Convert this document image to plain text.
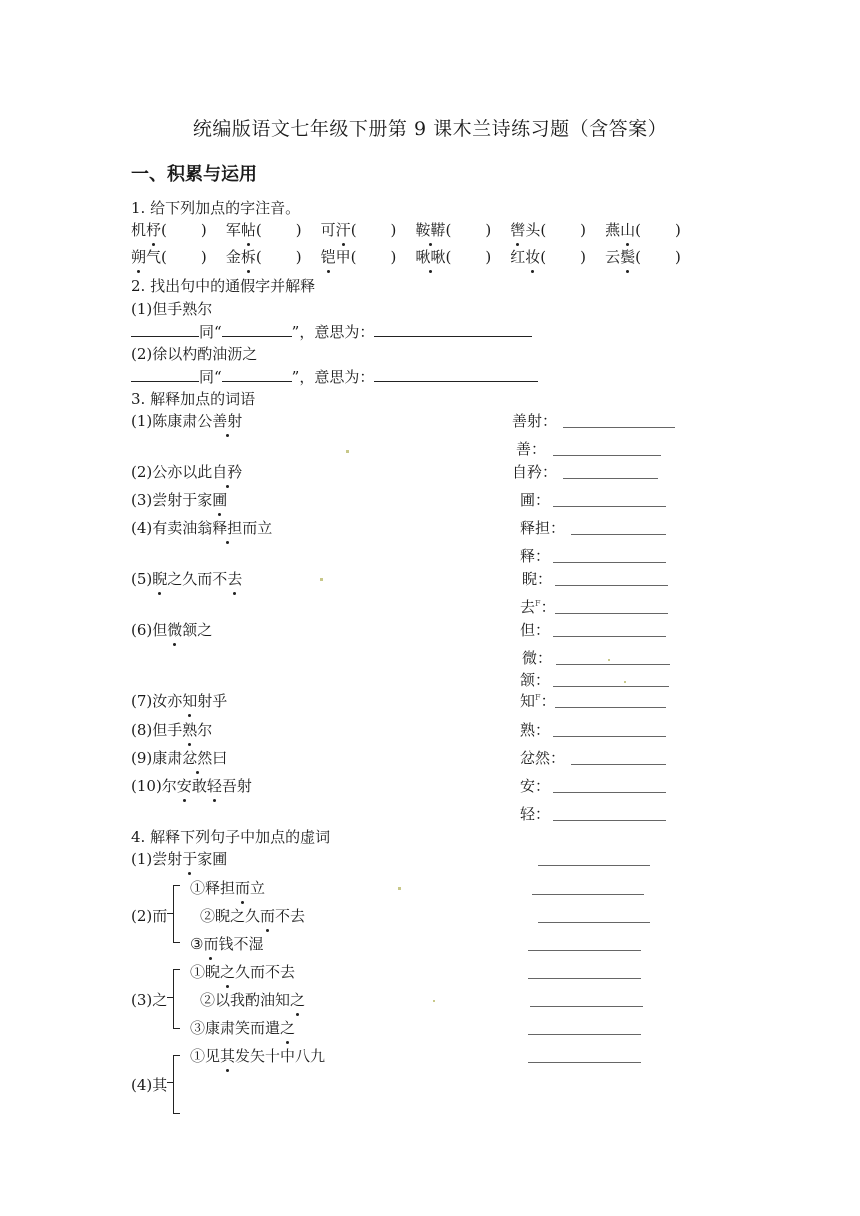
统编版语文七年级下册第 9 课木兰诗练习题（含答案）
一、积累与运用
1. 给下列加点的字注音。
机杼( ) 军帖( ) 可汗( ) 鞍鞯( ) 辔头( ) 燕山( )
朔气( ) 金柝( ) 铠甲( ) 啾啾( ) 红妆( ) 云鬓( )
2. 找出句中的通假字并解释
(1)但手熟尔
同“	”，意思为：
(2)徐以杓酌油沥之
同“	”，意思为：
3. 解释加点的词语
(1)陈康肃公善射
(2)公亦以此自矜
(3)尝射于家圃
(4)有卖油翁释担而立
(5)睨之久而不去
(6)但微颔之
(7)汝亦知射乎
(8)但手熟尔
(9)康肃忿然曰
(10)尔安敢轻吾射
善射：
善：
自矜：
圃：
释担：
释：
睨：
去$^F$：
但：
微：
颔：
知$^F$：
熟：
忿然：
安：
轻：
4. 解释下列句子中加点的虚词
(1)尝射于家圃
(2)而
①释担而立
②睨之久而不去
③而钱不湿
(3)之
①睨之久而不去
②以我酌油知之
③康肃笑而遣之
(4)其
①见其发矢十中八九
